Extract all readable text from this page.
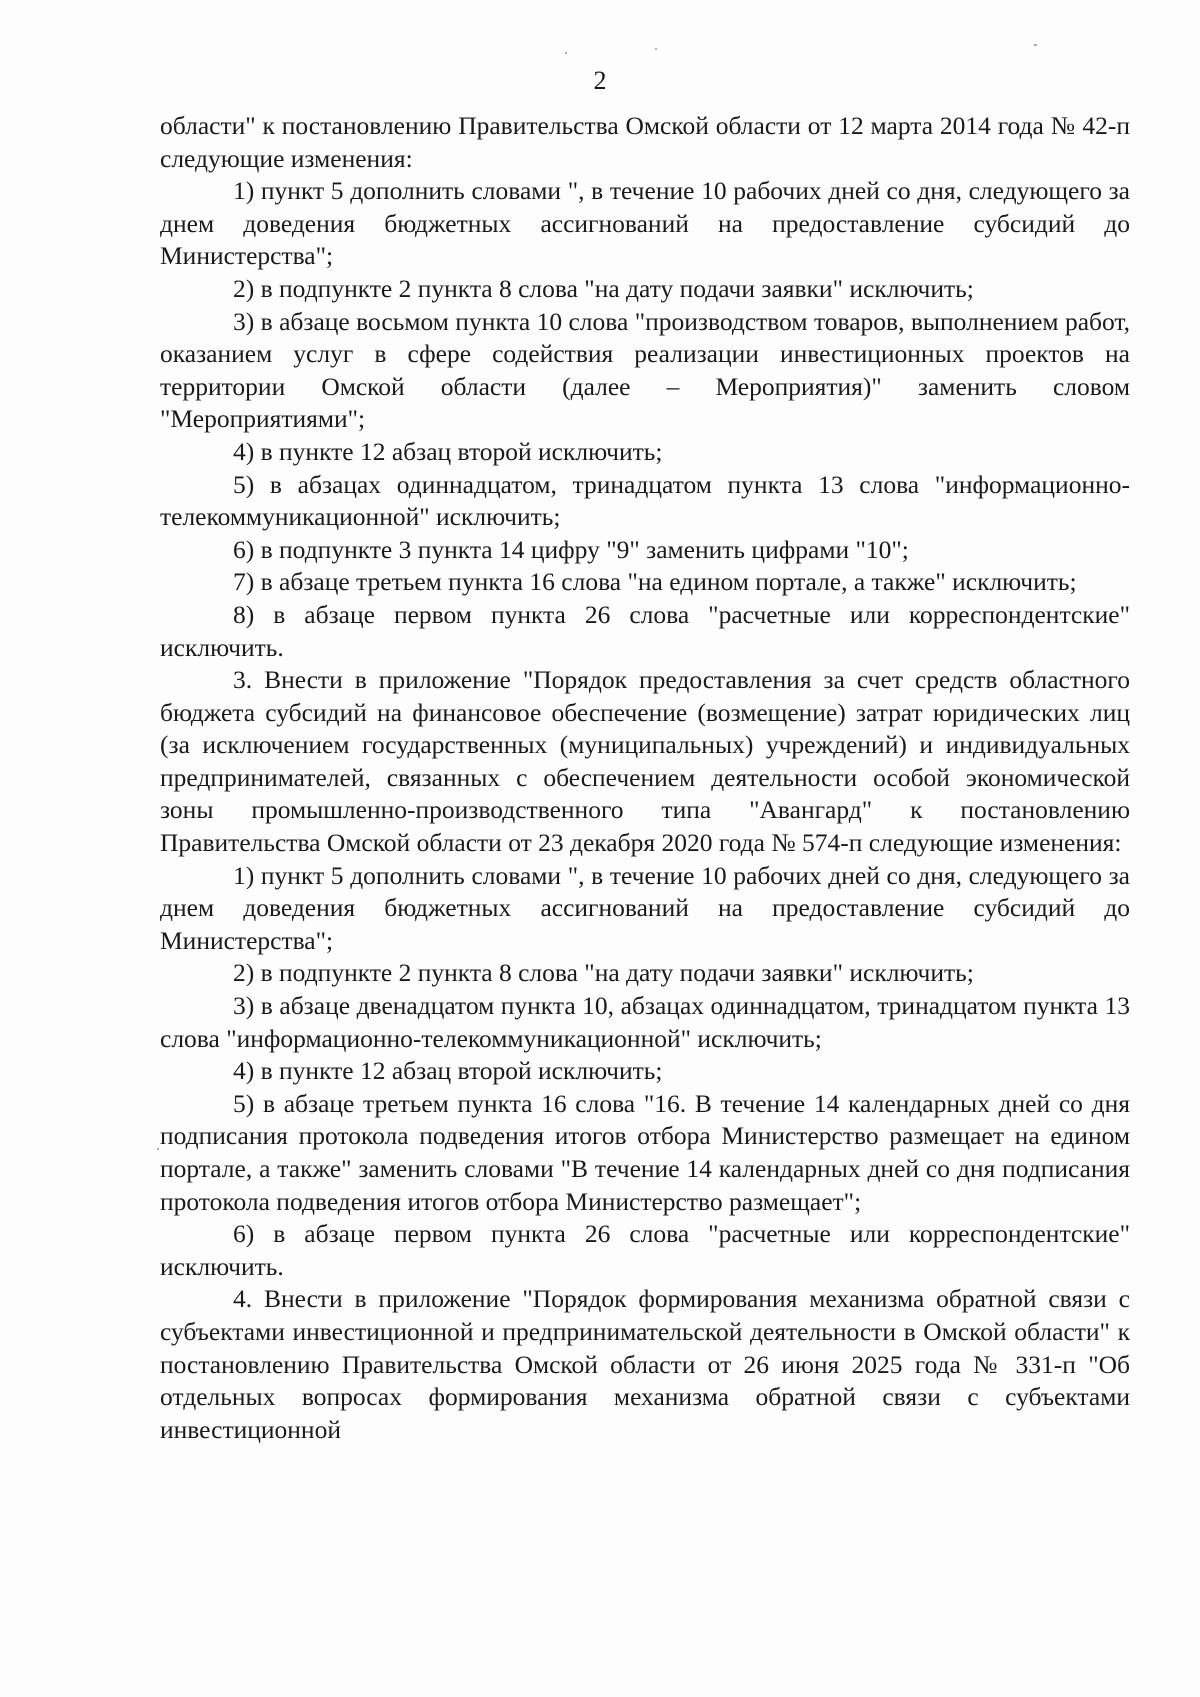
2

области" к постановлению Правительства Омской области от 12 марта 2014 года № 42-п следующие изменения:

1) пункт 5 дополнить словами ", в течение 10 рабочих дней со дня, следующего за днем доведения бюджетных ассигнований на предоставление субсидий до Министерства";

2) в подпункте 2 пункта 8 слова "на дату подачи заявки" исключить;

3) в абзаце восьмом пункта 10 слова "производством товаров, выполнением работ, оказанием услуг в сфере содействия реализации инвестиционных проектов на территории Омской области (далее – Мероприятия)" заменить словом "Мероприятиями";

4) в пункте 12 абзац второй исключить;

5) в абзацах одиннадцатом, тринадцатом пункта 13 слова "информационно-телекоммуникационной" исключить;

6) в подпункте 3 пункта 14 цифру "9" заменить цифрами "10";

7) в абзаце третьем пункта 16 слова "на едином портале, а также" исключить;

8) в абзаце первом пункта 26 слова "расчетные или корреспондентские" исключить.

3. Внести в приложение "Порядок предоставления за счет средств областного бюджета субсидий на финансовое обеспечение (возмещение) затрат юридических лиц (за исключением государственных (муниципальных) учреждений) и индивидуальных предпринимателей, связанных с обеспечением деятельности особой экономической зоны промышленно-производственного типа "Авангард" к постановлению Правительства Омской области от 23 декабря 2020 года № 574-п следующие изменения:

1) пункт 5 дополнить словами ", в течение 10 рабочих дней со дня, следующего за днем доведения бюджетных ассигнований на предоставление субсидий до Министерства";

2) в подпункте 2 пункта 8 слова "на дату подачи заявки" исключить;

3) в абзаце двенадцатом пункта 10, абзацах одиннадцатом, тринадцатом пункта 13 слова "информационно-телекоммуникационной" исключить;

4) в пункте 12 абзац второй исключить;

5) в абзаце третьем пункта 16 слова "16. В течение 14 календарных дней со дня подписания протокола подведения итогов отбора Министерство размещает на едином портале, а также" заменить словами "В течение 14 календарных дней со дня подписания протокола подведения итогов отбора Министерство размещает";

6) в абзаце первом пункта 26 слова "расчетные или корреспондентские" исключить.

4. Внести в приложение "Порядок формирования механизма обратной связи с субъектами инвестиционной и предпринимательской деятельности в Омской области" к постановлению Правительства Омской области от 26 июня 2025 года № 331-п "Об отдельных вопросах формирования механизма обратной связи с субъектами инвестиционной
